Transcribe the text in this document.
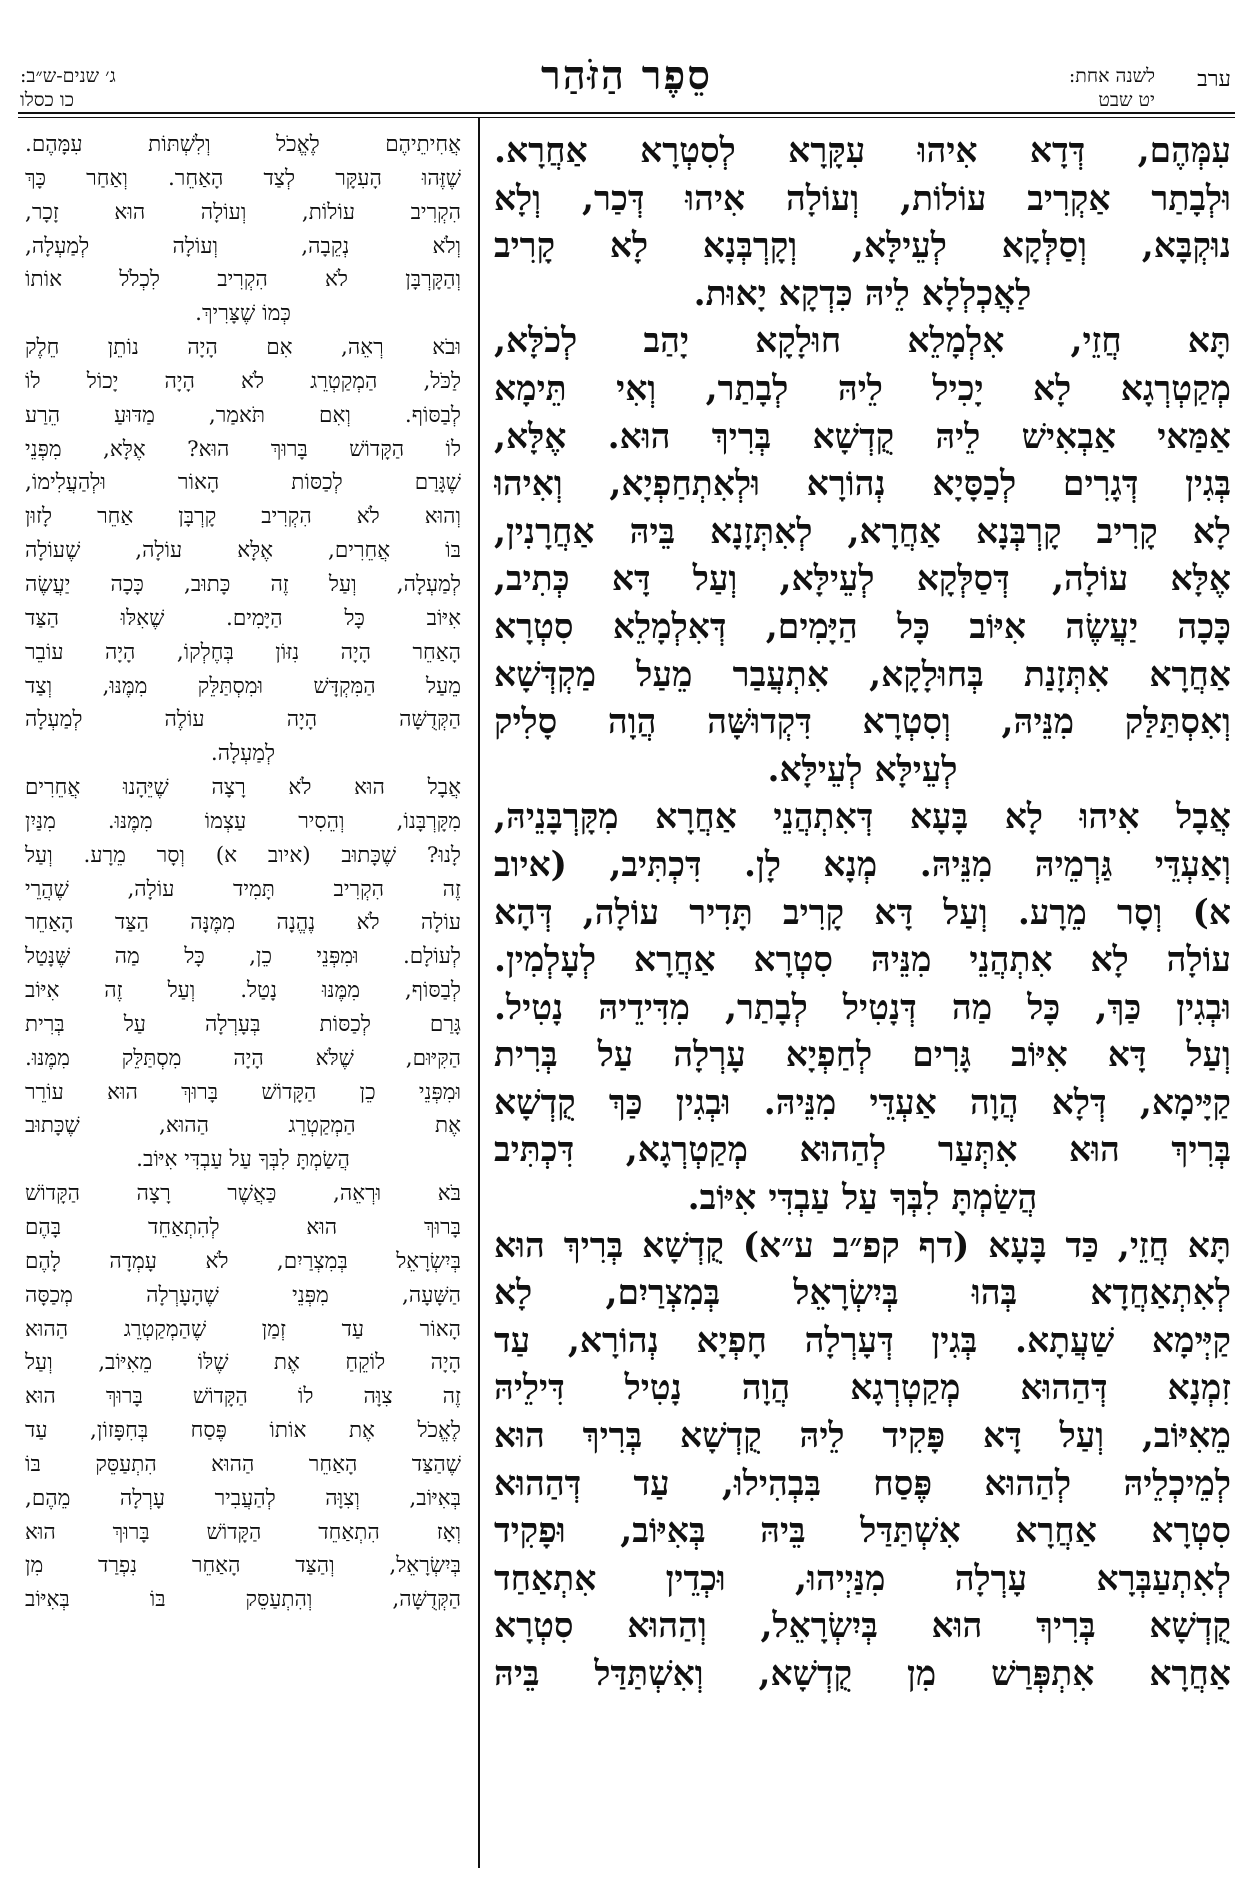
ערב
לשנה אחת:
יט שבט
סֵפֶר הַזֹּהַר
ג׳ שנים-ש״ב:
כו כסלו
עִמְּהֶם, דְּדָא אִיהוּ עִקָּרָא לְסִטְרָא אַחֲרָא.
וּלְבָתַר אַקְרִיב עוֹלוֹת, וְעוֹלָה אִיהוּ דְּכַר, וְלָא
נוּקְבָּא, וְסַלְּקָא לְעֵילָּא, וְקָרְבְּנָא לָא קָרִיב
לַאֲכְלְלָא לֵיהּ כִּדְקָא יָאוּת.
תָּא חֲזֵי, אִלְמָלֵא חוּלָקָא יָהַב לְכֹלָּא,
מְקַטְרְגָא לָא יָכִיל לֵיהּ לְבָתַר, וְאִי תֵּימָא
אַמַּאי אַבְאִישׁ לֵיהּ קֻדְשָׁא בְּרִיךְ הוּא. אֶלָּא,
בְּגִין דְּגָרִים לְכַסָּיָא נְהוֹרָא וּלְאִתְחַפְיָא, וְאִיהוּ
לָא קָרִיב קָרְבְּנָא אַחֲרָא, לְאִתְּזָנָא בֵּיהּ אַחֲרָנִין,
אֶלָּא עוֹלָה, דְּסַלְּקָא לְעֵילָּא, וְעַל דָּא כְּתִיב,
כָּכָה יַעֲשֶׂה אִיּוֹב כָּל הַיָּמִים, דְּאִלְמָלֵא סִטְרָא
אַחֲרָא אִתְּזָנַת בְּחוּלָקָא, אִתְעֲבַר מֵעַל מַקְדְּשָׁא
וְאִסְתַּלַּק מִנֵּיהּ, וְסִטְרָא דִּקְדוּשָּׁה הֲוָה סָלִיק
לְעֵילָּא לְעֵילָּא.
אֲבָל אִיהוּ לָא בָּעָא דְּאִתְהֲנֵי אַחֲרָא מִקָּרְבָּנֵיהּ,
וְאַעְדֵּי גַּרְמֵיהּ מִנֵּיהּ. מְנָא לָן. דִּכְתִּיב, (איוב
א) וְסָר מֵרָע. וְעַל דָּא קָרִיב תָּדִיר עוֹלָה, דְּהָא
עוֹלָה לָא אִתְהֲנֵי מִנֵּיהּ סִטְרָא אַחֲרָא לְעָלְמִין.
וּבְגִין כַּךְ, כָּל מַה דְּנָטִיל לְבָתַר, מִדִּידֵיהּ נָטִיל.
וְעַל דָּא אִיּוֹב גָּרִים לְחַפְיָא עָרְלָה עַל בְּרִית
קַיָּימָא, דְּלָא הֲוָה אַעְדֵּי מִנֵּיהּ. וּבְגִין כַּךְ קֻדְשָׁא
בְּרִיךְ הוּא אִתְּעַר לְהַהוּא מְקַטְרְגָא, דִּכְתִּיב
הֲשַׂמְתָּ לִבְּךָ עַל עַבְדִּי אִיּוֹב.
תָּא חֲזֵי, כַּד בָּעָא (דף קפ״ב ע״א) קֻדְשָׁא בְּרִיךְ הוּא
לְאִתְאַחֲדָא בְּהוּ בְּיִשְׂרָאֵל בְּמִצְרַיִם, לָא
קַיְּימָא שַׁעֲתָא. בְּגִין דְּעָרְלָה חָפְיָא נְהוֹרָא, עַד
זִמְנָא דְּהַהוּא מְקַטְרְגָא הֲוָה נָטִיל דִּילֵיהּ
מֵאִיּוֹב, וְעַל דָּא פָּקִיד לֵיהּ קֻדְשָׁא בְּרִיךְ הוּא
לְמֵיכְלֵיהּ לְהַהוּא פֶּסַח בִּבְהִילוּ, עַד דְּהַהוּא
סִטְרָא אַחֲרָא אִשְׁתַּדַּל בֵּיהּ בְּאִיּוֹב, וּפָקִיד
לְאִתְעַבְּרָא עָרְלָה מִנַּיְיהוּ, וּכְדֵין אִתְאַחַד
קֻדְשָׁא בְּרִיךְ הוּא בְּיִשְׂרָאֵל, וְהַהוּא סִטְרָא
אַחֲרָא אִתְפְּרַשׁ מִן קֻדְשָׁא, וְאִשְׁתַּדַּל בֵּיהּ
אֲחִיתֵיהֶם לֶאֱכֹל וְלִשְׁתּוֹת עִמָּהֶם.
שֶׁזֶּהוּ הָעִקָּר לְצַד הָאַחֵר. וְאַחַר כָּךְ
הִקְרִיב עוֹלוֹת, וְעוֹלָה הוּא זָכָר,
וְלֹא נְקֵבָה, וְעוֹלָה לְמַעְלָה,
וְהַקָּרְבָּן לֹא הִקְרִיב לִכְלֹל אוֹתוֹ
כְּמוֹ שֶׁצָּרִיךְ.
וּבֹא רְאֵה, אִם הָיָה נוֹתֵן חֵלֶק
לַכֹּל, הַמְקַטְרֵג לֹא הָיָה יָכוֹל לוֹ
לְבַסּוֹף. וְאִם תֹּאמַר, מַדּוּעַ הֵרַע
לוֹ הַקָּדוֹשׁ בָּרוּךְ הוּא? אֶלָּא, מִפְּנֵי
שֶׁגָּרַם לְכַסּוֹת הָאוֹר וּלְהַעֲלִימוֹ,
וְהוּא לֹא הִקְרִיב קָרְבָּן אַחֵר לָזוּן
בּוֹ אֲחֵרִים, אֶלָּא עוֹלָה, שֶׁעוֹלָה
לְמַעְלָה, וְעַל זֶה כָּתוּב, כָּכָה יַעֲשֶׂה
אִיּוֹב כָּל הַיָּמִים. שֶׁאִלּוּ הַצַּד
הָאַחֵר הָיָה נִזּוֹן בְּחֶלְקוֹ, הָיָה עוֹבֵר
מֵעַל הַמִּקְדָּשׁ וּמִסְתַּלֵּק מִמֶּנּוּ, וְצַד
הַקְּדֻשָּׁה הָיָה עוֹלֶה לְמַעְלָה
לְמַעְלָה.
אֲבָל הוּא לֹא רָצָה שֶׁיֵּהָנוּ אֲחֵרִים
מִקָּרְבָּנוֹ, וְהֵסִיר עַצְמוֹ מִמֶּנּוּ. מִנַּיִן
לָנוּ? שֶׁכָּתוּב (איוב א) וְסָר מֵרָע. וְעַל
זֶה הִקְרִיב תָּמִיד עוֹלָה, שֶׁהֲרֵי
עוֹלָה לֹא נֶהֱנָה מִמֶּנָּה הַצַּד הָאַחֵר
לְעוֹלָם. וּמִפְּנֵי כֵן, כָּל מַה שֶּׁנָּטַל
לְבַסּוֹף, מִמֶּנּוּ נָטַל. וְעַל זֶה אִיּוֹב
גָּרַם לְכַסּוֹת בְּעָרְלָה עַל בְּרִית
הַקִּיּוּם, שֶׁלֹּא הָיָה מִסְתַּלֵּק מִמֶּנּוּ.
וּמִפְּנֵי כֵן הַקָּדוֹשׁ בָּרוּךְ הוּא עוֹרֵר
אֶת הַמְקַטְרֵג הַהוּא, שֶׁכָּתוּב
הֲשַׂמְתָּ לִבְּךָ עַל עַבְדִּי אִיּוֹב.
בֹּא וּרְאֵה, כַּאֲשֶׁר רָצָה הַקָּדוֹשׁ
בָּרוּךְ הוּא לְהִתְאַחֵד בָּהֶם
בְּיִשְׂרָאֵל בְּמִצְרַיִם, לֹא עָמְדָה לָהֶם
הַשָּׁעָה, מִפְּנֵי שֶׁהָעָרְלָה מְכַסָּה
הָאוֹר עַד זְמַן שֶׁהַמְקַטְרֵג הַהוּא
הָיָה לוֹקֵחַ אֶת שֶׁלּוֹ מֵאִיּוֹב, וְעַל
זֶה צִוָּה לוֹ הַקָּדוֹשׁ בָּרוּךְ הוּא
לֶאֱכֹל אֶת אוֹתוֹ פֶּסַח בְּחִפָּזוֹן, עַד
שֶׁהַצַּד הָאַחֵר הַהוּא הִתְעַסֵּק בּוֹ
בְּאִיּוֹב, וְצִוָּה לְהַעֲבִיר עָרְלָה מֵהֶם,
וְאָז הִתְאַחֵד הַקָּדוֹשׁ בָּרוּךְ הוּא
בְּיִשְׂרָאֵל, וְהַצַּד הָאַחֵר נִפְרַד מִן
הַקְּדֻשָּׁה, וְהִתְעַסֵּק בּוֹ בְּאִיּוֹב
